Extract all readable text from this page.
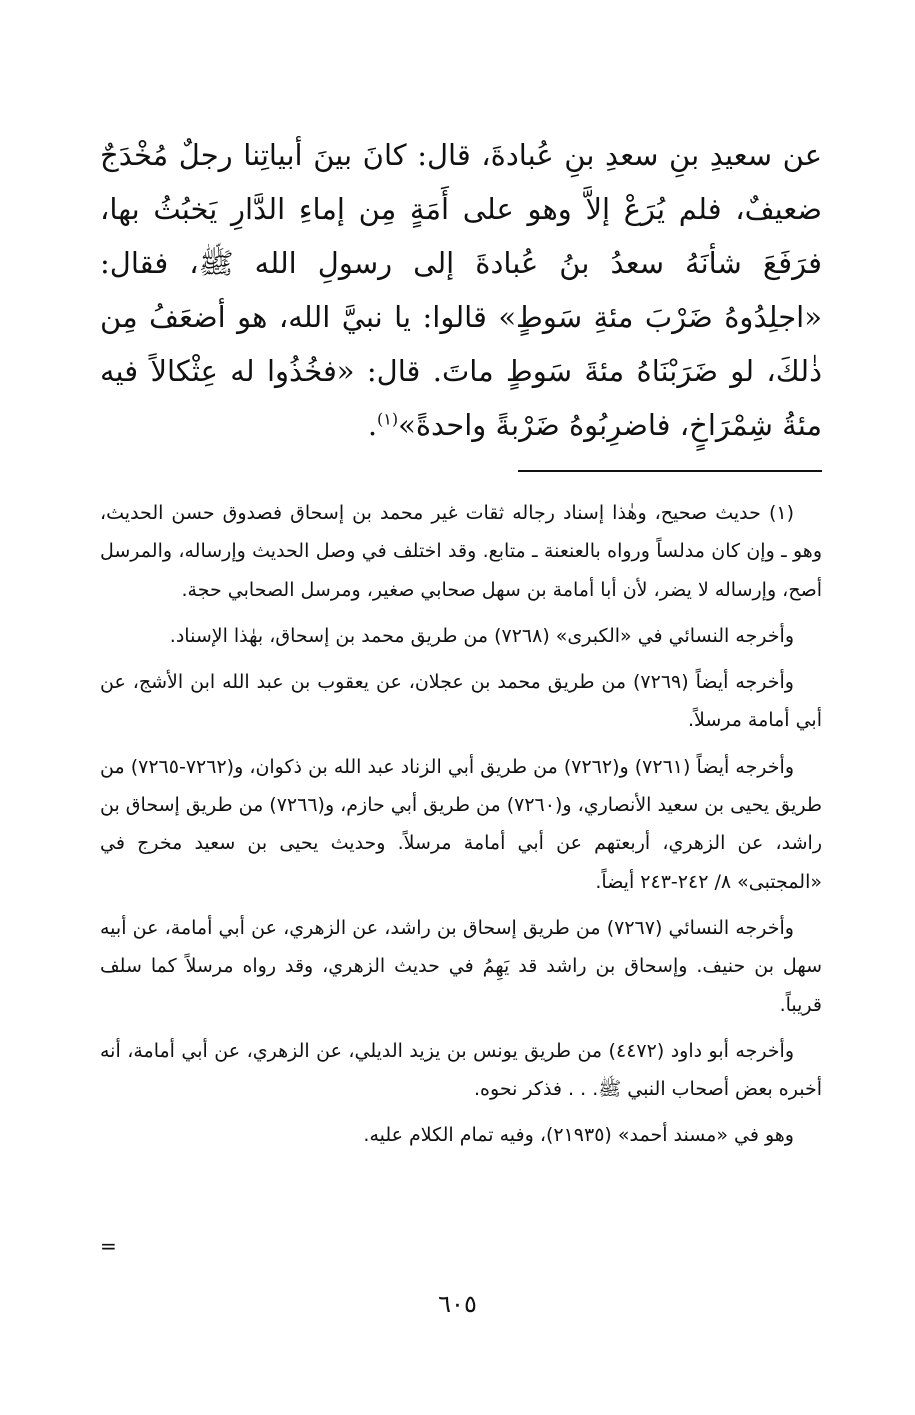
عن سعيدِ بنِ سعدِ بنِ عُبادةَ، قال: كانَ بينَ أبياتِنا رجلٌ مُخْدَجٌ ضعيفٌ، فلم يُرَعْ إلاَّ وهو على أَمَةٍ مِن إماءِ الدَّارِ يَخبُثُ بها، فرَفَعَ شأنَهُ سعدُ بنُ عُبادةَ إلى رسولِ الله ﷺ، فقال: «اجلِدُوهُ ضَرْبَ مئةِ سَوطٍ» قالوا: يا نبيَّ الله، هو أضعَفُ مِن ذٰلكَ، لو ضَرَبْنَاهُ مئةَ سَوطٍ ماتَ. قال: «فخُذُوا له عِثْكالاً فيه مئةُ شِمْرَاخٍ، فاضرِبُوهُ ضَرْبةً واحدةً»$^{(١)}$.

(١) حديث صحيح، وهٰذا إسناد رجاله ثقات غير محمد بن إسحاق فصدوق حسن الحديث، وهو ـ وإن كان مدلساً ورواه بالعنعنة ـ متابع. وقد اختلف في وصل الحديث وإرساله، والمرسل أصح، وإرساله لا يضر، لأن أبا أمامة بن سهل صحابي صغير، ومرسل الصحابي حجة.

وأخرجه النسائي في «الكبرى» (٧٢٦٨) من طريق محمد بن إسحاق، بهٰذا الإسناد.

وأخرجه أيضاً (٧٢٦٩) من طريق محمد بن عجلان، عن يعقوب بن عبد الله ابن الأشج، عن أبي أمامة مرسلاً.

وأخرجه أيضاً (٧٢٦١) و(٧٢٦٢) من طريق أبي الزناد عبد الله بن ذكوان، و(٧٢٦٢-٧٢٦٥) من طريق يحيى بن سعيد الأنصاري، و(٧٢٦٠) من طريق أبي حازم، و(٧٢٦٦) من طريق إسحاق بن راشد، عن الزهري، أربعتهم عن أبي أمامة مرسلاً. وحديث يحيى بن سعيد مخرج في «المجتبى» ٨/ ٢٤٢-٢٤٣ أيضاً.

وأخرجه النسائي (٧٢٦٧) من طريق إسحاق بن راشد، عن الزهري، عن أبي أمامة، عن أبيه سهل بن حنيف. وإسحاق بن راشد قد يَهِمُ في حديث الزهري، وقد رواه مرسلاً كما سلف قريباً.

وأخرجه أبو داود (٤٤٧٢) من طريق يونس بن يزيد الديلي، عن الزهري، عن أبي أمامة، أنه أخبره بعض أصحاب النبي ﷺ. . . فذكر نحوه.

وهو في «مسند أحمد» (٢١٩٣٥)، وفيه تمام الكلام عليه.

=
٦٠٥
